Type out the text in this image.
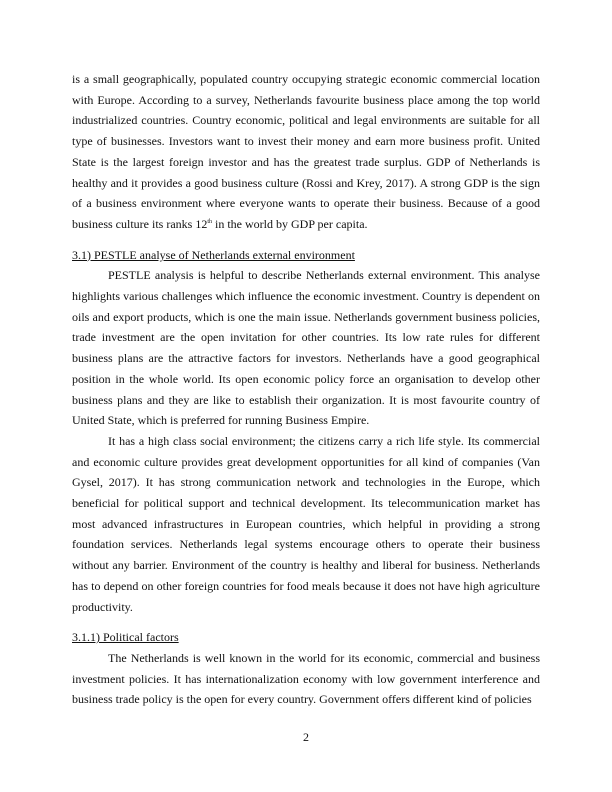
is a small geographically, populated country occupying strategic economic commercial location with Europe. According to a survey, Netherlands favourite business place among the top world industrialized countries. Country economic, political and legal environments are suitable for all type of businesses. Investors want to invest their money and earn more business profit. United State is the largest foreign investor and has the greatest trade surplus. GDP of Netherlands is healthy and it provides a good business culture (Rossi and Krey, 2017). A strong GDP is the sign of a business environment where everyone wants to operate their business. Because of a good business culture its ranks 12th in the world by GDP per capita.

3.1) PESTLE analyse of Netherlands external environment

PESTLE analysis is helpful to describe Netherlands external environment. This analyse highlights various challenges which influence the economic investment. Country is dependent on oils and export products, which is one the main issue. Netherlands government business policies, trade investment are the open invitation for other countries. Its low rate rules for different business plans are the attractive factors for investors. Netherlands have a good geographical position in the whole world. Its open economic policy force an organisation to develop other business plans and they are like to establish their organization. It is most favourite country of United State, which is preferred for running Business Empire.

It has a high class social environment; the citizens carry a rich life style. Its commercial and economic culture provides great development opportunities for all kind of companies (Van Gysel, 2017). It has strong communication network and technologies in the Europe, which beneficial for political support and technical development. Its telecommunication market has most advanced infrastructures in European countries, which helpful in providing a strong foundation services. Netherlands legal systems encourage others to operate their business without any barrier. Environment of the country is healthy and liberal for business. Netherlands has to depend on other foreign countries for food meals because it does not have high agriculture productivity.

3.1.1) Political factors

The Netherlands is well known in the world for its economic, commercial and business investment policies. It has internationalization economy with low government interference and business trade policy is the open for every country. Government offers different kind of policies

2
